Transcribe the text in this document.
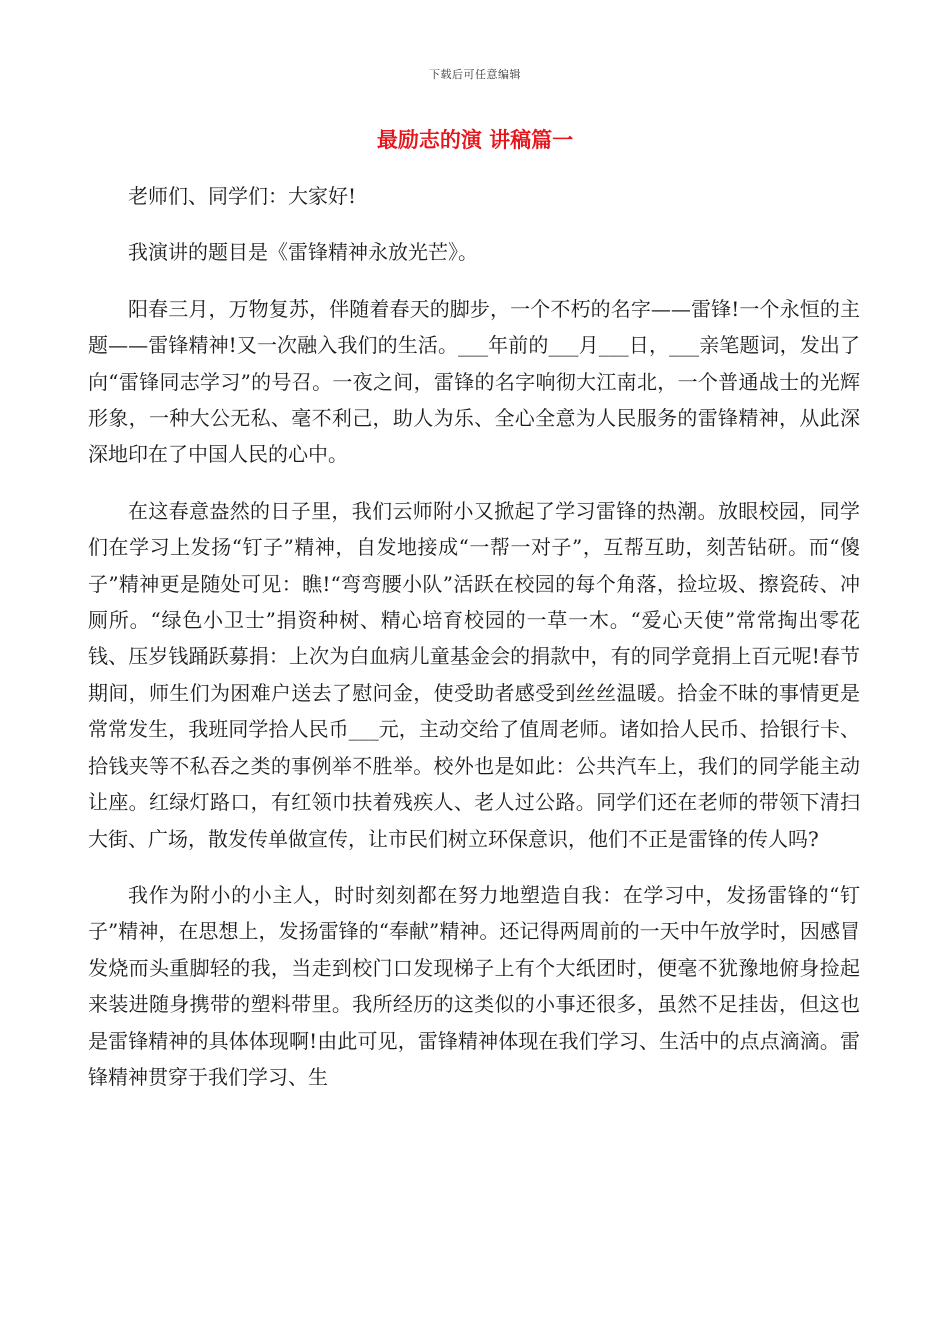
下载后可任意编辑
最励志的演 讲稿篇一

老师们、同学们：大家好!

我演讲的题目是《雷锋精神永放光芒》。

阳春三月，万物复苏，伴随着春天的脚步，一个不朽的名字——雷锋!一个永恒的主题——雷锋精神!又一次融入我们的生活。___年前的___月___日，___亲笔题词，发出了向“雷锋同志学习”的号召。一夜之间，雷锋的名字响彻大江南北，一个普通战士的光辉形象，一种大公无私、毫不利己，助人为乐、全心全意为人民服务的雷锋精神，从此深深地印在了中国人民的心中。

在这春意盎然的日子里，我们云师附小又掀起了学习雷锋的热潮。放眼校园，同学们在学习上发扬“钉子”精神，自发地接成“一帮一对子”，互帮互助，刻苦钻研。而“傻子”精神更是随处可见：瞧!“弯弯腰小队”活跃在校园的每个角落，捡垃圾、擦瓷砖、冲厕所。“绿色小卫士”捐资种树、精心培育校园的一草一木。“爱心天使”常常掏出零花钱、压岁钱踊跃募捐：上次为白血病儿童基金会的捐款中，有的同学竟捐上百元呢!春节期间，师生们为困难户送去了慰问金，使受助者感受到丝丝温暖。拾金不昧的事情更是常常发生，我班同学拾人民币___元，主动交给了值周老师。诸如拾人民币、拾银行卡、拾钱夹等不私吞之类的事例举不胜举。校外也是如此：公共汽车上，我们的同学能主动让座。红绿灯路口，有红领巾扶着残疾人、老人过公路。同学们还在老师的带领下清扫大街、广场，散发传单做宣传，让市民们树立环保意识，他们不正是雷锋的传人吗?

我作为附小的小主人，时时刻刻都在努力地塑造自我：在学习中，发扬雷锋的“钉子”精神，在思想上，发扬雷锋的“奉献”精神。还记得两周前的一天中午放学时，因感冒发烧而头重脚轻的我，当走到校门口发现梯子上有个大纸团时，便毫不犹豫地俯身捡起来装进随身携带的塑料带里。我所经历的这类似的小事还很多，虽然不足挂齿，但这也是雷锋精神的具体体现啊!由此可见，雷锋精神体现在我们学习、生活中的点点滴滴。雷锋精神贯穿于我们学习、生
